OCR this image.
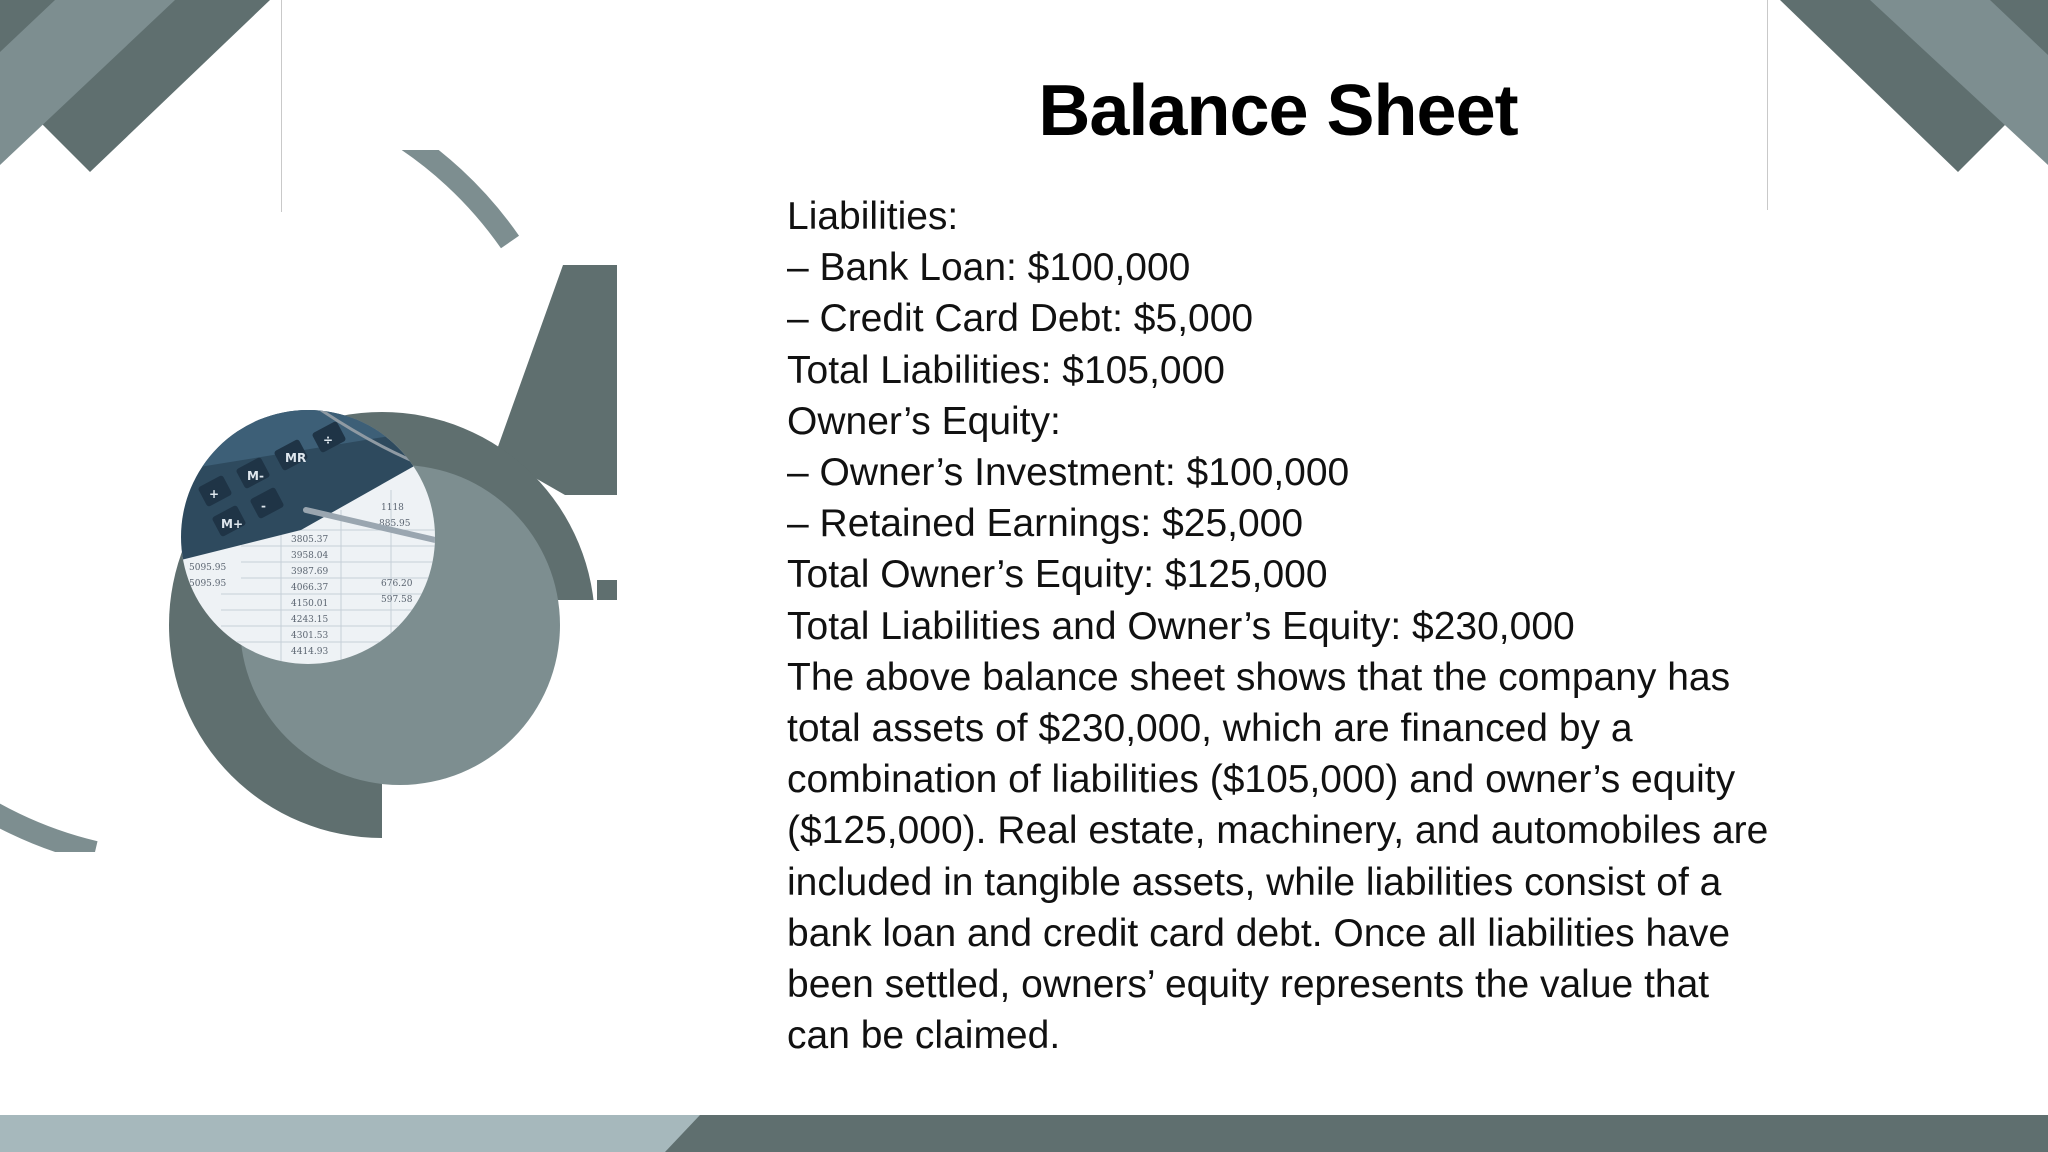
3805.37
3958.04
3987.69
4066.37
4150.01
4243.15
4301.53
4414.93
5095.95
5095.95
1118
885.95
676.20
597.58
+
M-
MR
÷
M+
-
Balance Sheet

Liabilities:

– Bank Loan: $100,000

– Credit Card Debt: $5,000

Total Liabilities: $105,000

Owner’s Equity:

– Owner’s Investment: $100,000

– Retained Earnings: $25,000

Total Owner’s Equity: $125,000

Total Liabilities and Owner’s Equity: $230,000

The above balance sheet shows that the company has

total assets of $230,000, which are financed by a

combination of liabilities ($105,000) and owner’s equity

($125,000). Real estate, machinery, and automobiles are

included in tangible assets, while liabilities consist of a

bank loan and credit card debt. Once all liabilities have

been settled, owners’ equity represents the value that

can be claimed.
